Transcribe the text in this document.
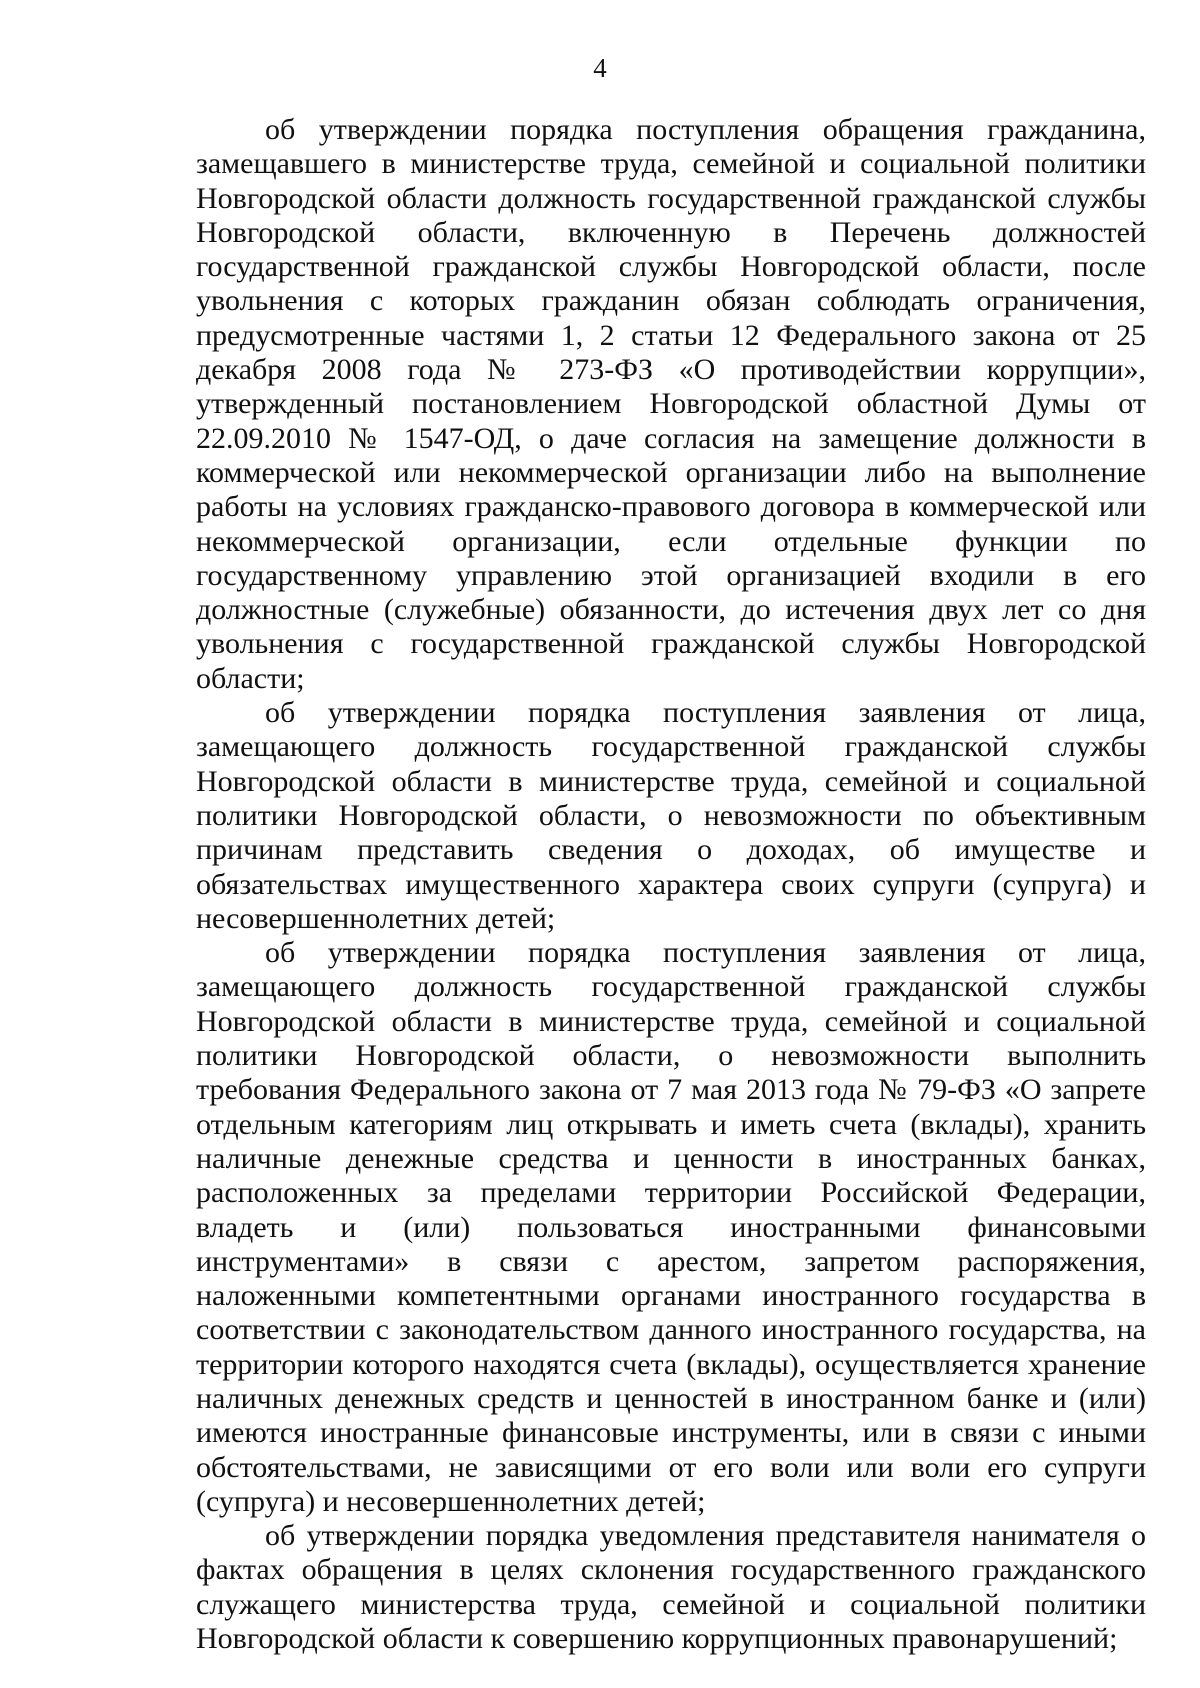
4

об утверждении порядка поступления обращения гражданина, замещавшего в министерстве труда, семейной и социальной политики Новгородской области должность государственной гражданской службы Новгородской области, включенную в Перечень должностей государственной гражданской службы Новгородской области, после увольнения с которых гражданин обязан соблюдать ограничения, предусмотренные частями 1, 2 статьи 12 Федерального закона от 25 декабря 2008 года № 273-ФЗ «О противодействии коррупции», утвержденный постановлением Новгородской областной Думы от 22.09.2010 № 1547-ОД, о даче согласия на замещение должности в коммерческой или некоммерческой организации либо на выполнение работы на условиях гражданско-правового договора в коммерческой или некоммерческой организации, если отдельные функции по государственному управлению этой организацией входили в его должностные (служебные) обязанности, до истечения двух лет со дня увольнения с государственной гражданской службы Новгородской области;

об утверждении порядка поступления заявления от лица, замещающего должность государственной гражданской службы Новгородской области в министерстве труда, семейной и социальной политики Новгородской области, о невозможности по объективным причинам представить сведения о доходах, об имуществе и обязательствах имущественного характера своих супруги (супруга) и несовершеннолетних детей;

об утверждении порядка поступления заявления от лица, замещающего должность государственной гражданской службы Новгородской области в министерстве труда, семейной и социальной политики Новгородской области, о невозможности выполнить требования Федерального закона от 7 мая 2013 года № 79-ФЗ «О запрете отдельным категориям лиц открывать и иметь счета (вклады), хранить наличные денежные средства и ценности в иностранных банках, расположенных за пределами территории Российской Федерации, владеть и (или) пользоваться иностранными финансовыми инструментами» в связи с арестом, запретом распоряжения, наложенными компетентными органами иностранного государства в соответствии с законодательством данного иностранного государства, на территории которого находятся счета (вклады), осуществляется хранение наличных денежных средств и ценностей в иностранном банке и (или) имеются иностранные финансовые инструменты, или в связи с иными обстоятельствами, не зависящими от его воли или воли его супруги (супруга) и несовершеннолетних детей;

об утверждении порядка уведомления представителя нанимателя о фактах обращения в целях склонения государственного гражданского служащего министерства труда, семейной и социальной политики Новгородской области к совершению коррупционных правонарушений;
